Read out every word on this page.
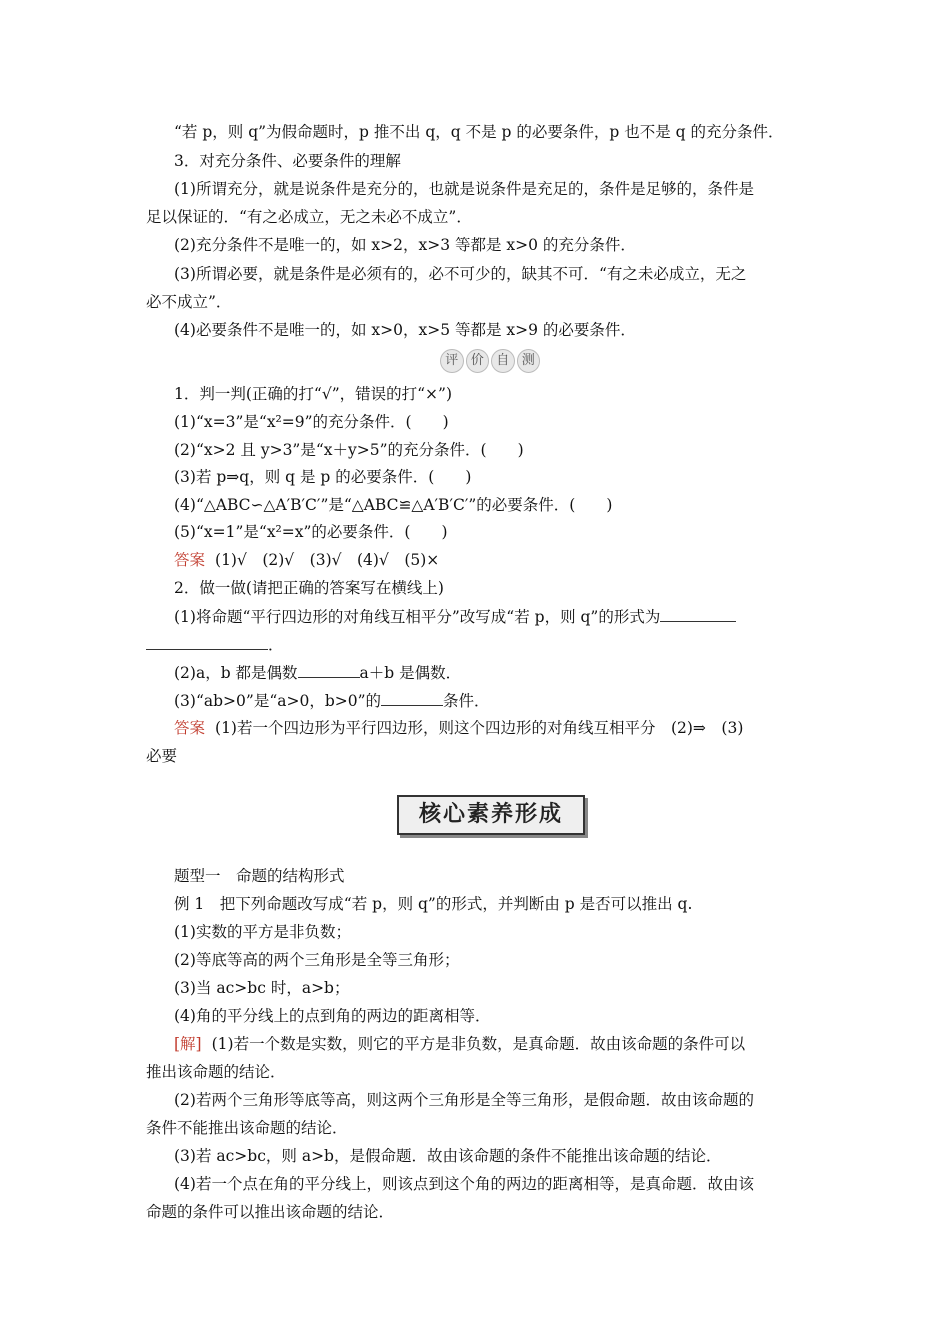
“若 p，则 q”为假命题时，p 推不出 q，q 不是 p 的必要条件，p 也不是 q 的充分条件．
3．对充分条件、必要条件的理解
(1)所谓充分，就是说条件是充分的，也就是说条件是充足的，条件是足够的，条件是
足以保证的．“有之必成立，无之未必不成立”．
(2)充分条件不是唯一的，如 x>2，x>3 等都是 x>0 的充分条件．
(3)所谓必要，就是条件是必须有的，必不可少的，缺其不可．“有之未必成立，无之
必不成立”．
(4)必要条件不是唯一的，如 x>0，x>5 等都是 x>9 的必要条件．
评 价 自 测
1．判一判(正确的打“√”，错误的打“×”)
(1)“x=3”是“x²=9”的充分条件．(　　)
(2)“x>2 且 y>3”是“x＋y>5”的充分条件．(　　)
(3)若 p⇒q，则 q 是 p 的必要条件．(　　)
(4)“△ABC∽△A′B′C′”是“△ABC≌△A′B′C′”的必要条件．(　　)
(5)“x=1”是“x²=x”的必要条件．(　　)
答案 (1)√　(2)√　(3)√　(4)√　(5)×
2．做一做(请把正确的答案写在横线上)
(1)将命题“平行四边形的对角线互相平分”改写成“若 p，则 q”的形式为
．
(2)a，b 都是偶数	a＋b 是偶数．
(3)“ab>0”是“a>0，b>0”的	条件．
答案 (1)若一个四边形为平行四边形，则这个四边形的对角线互相平分　(2)⇒　(3)
必要
核心素养形成
题型一　命题的结构形式
例 1　把下列命题改写成“若 p，则 q”的形式，并判断由 p 是否可以推出 q.
(1)实数的平方是非负数；
(2)等底等高的两个三角形是全等三角形；
(3)当 ac>bc 时，a>b；
(4)角的平分线上的点到角的两边的距离相等．
[解] (1)若一个数是实数，则它的平方是非负数，是真命题．故由该命题的条件可以
推出该命题的结论．
(2)若两个三角形等底等高，则这两个三角形是全等三角形，是假命题．故由该命题的
条件不能推出该命题的结论．
(3)若 ac>bc，则 a>b，是假命题．故由该命题的条件不能推出该命题的结论．
(4)若一个点在角的平分线上，则该点到这个角的两边的距离相等，是真命题．故由该
命题的条件可以推出该命题的结论．
